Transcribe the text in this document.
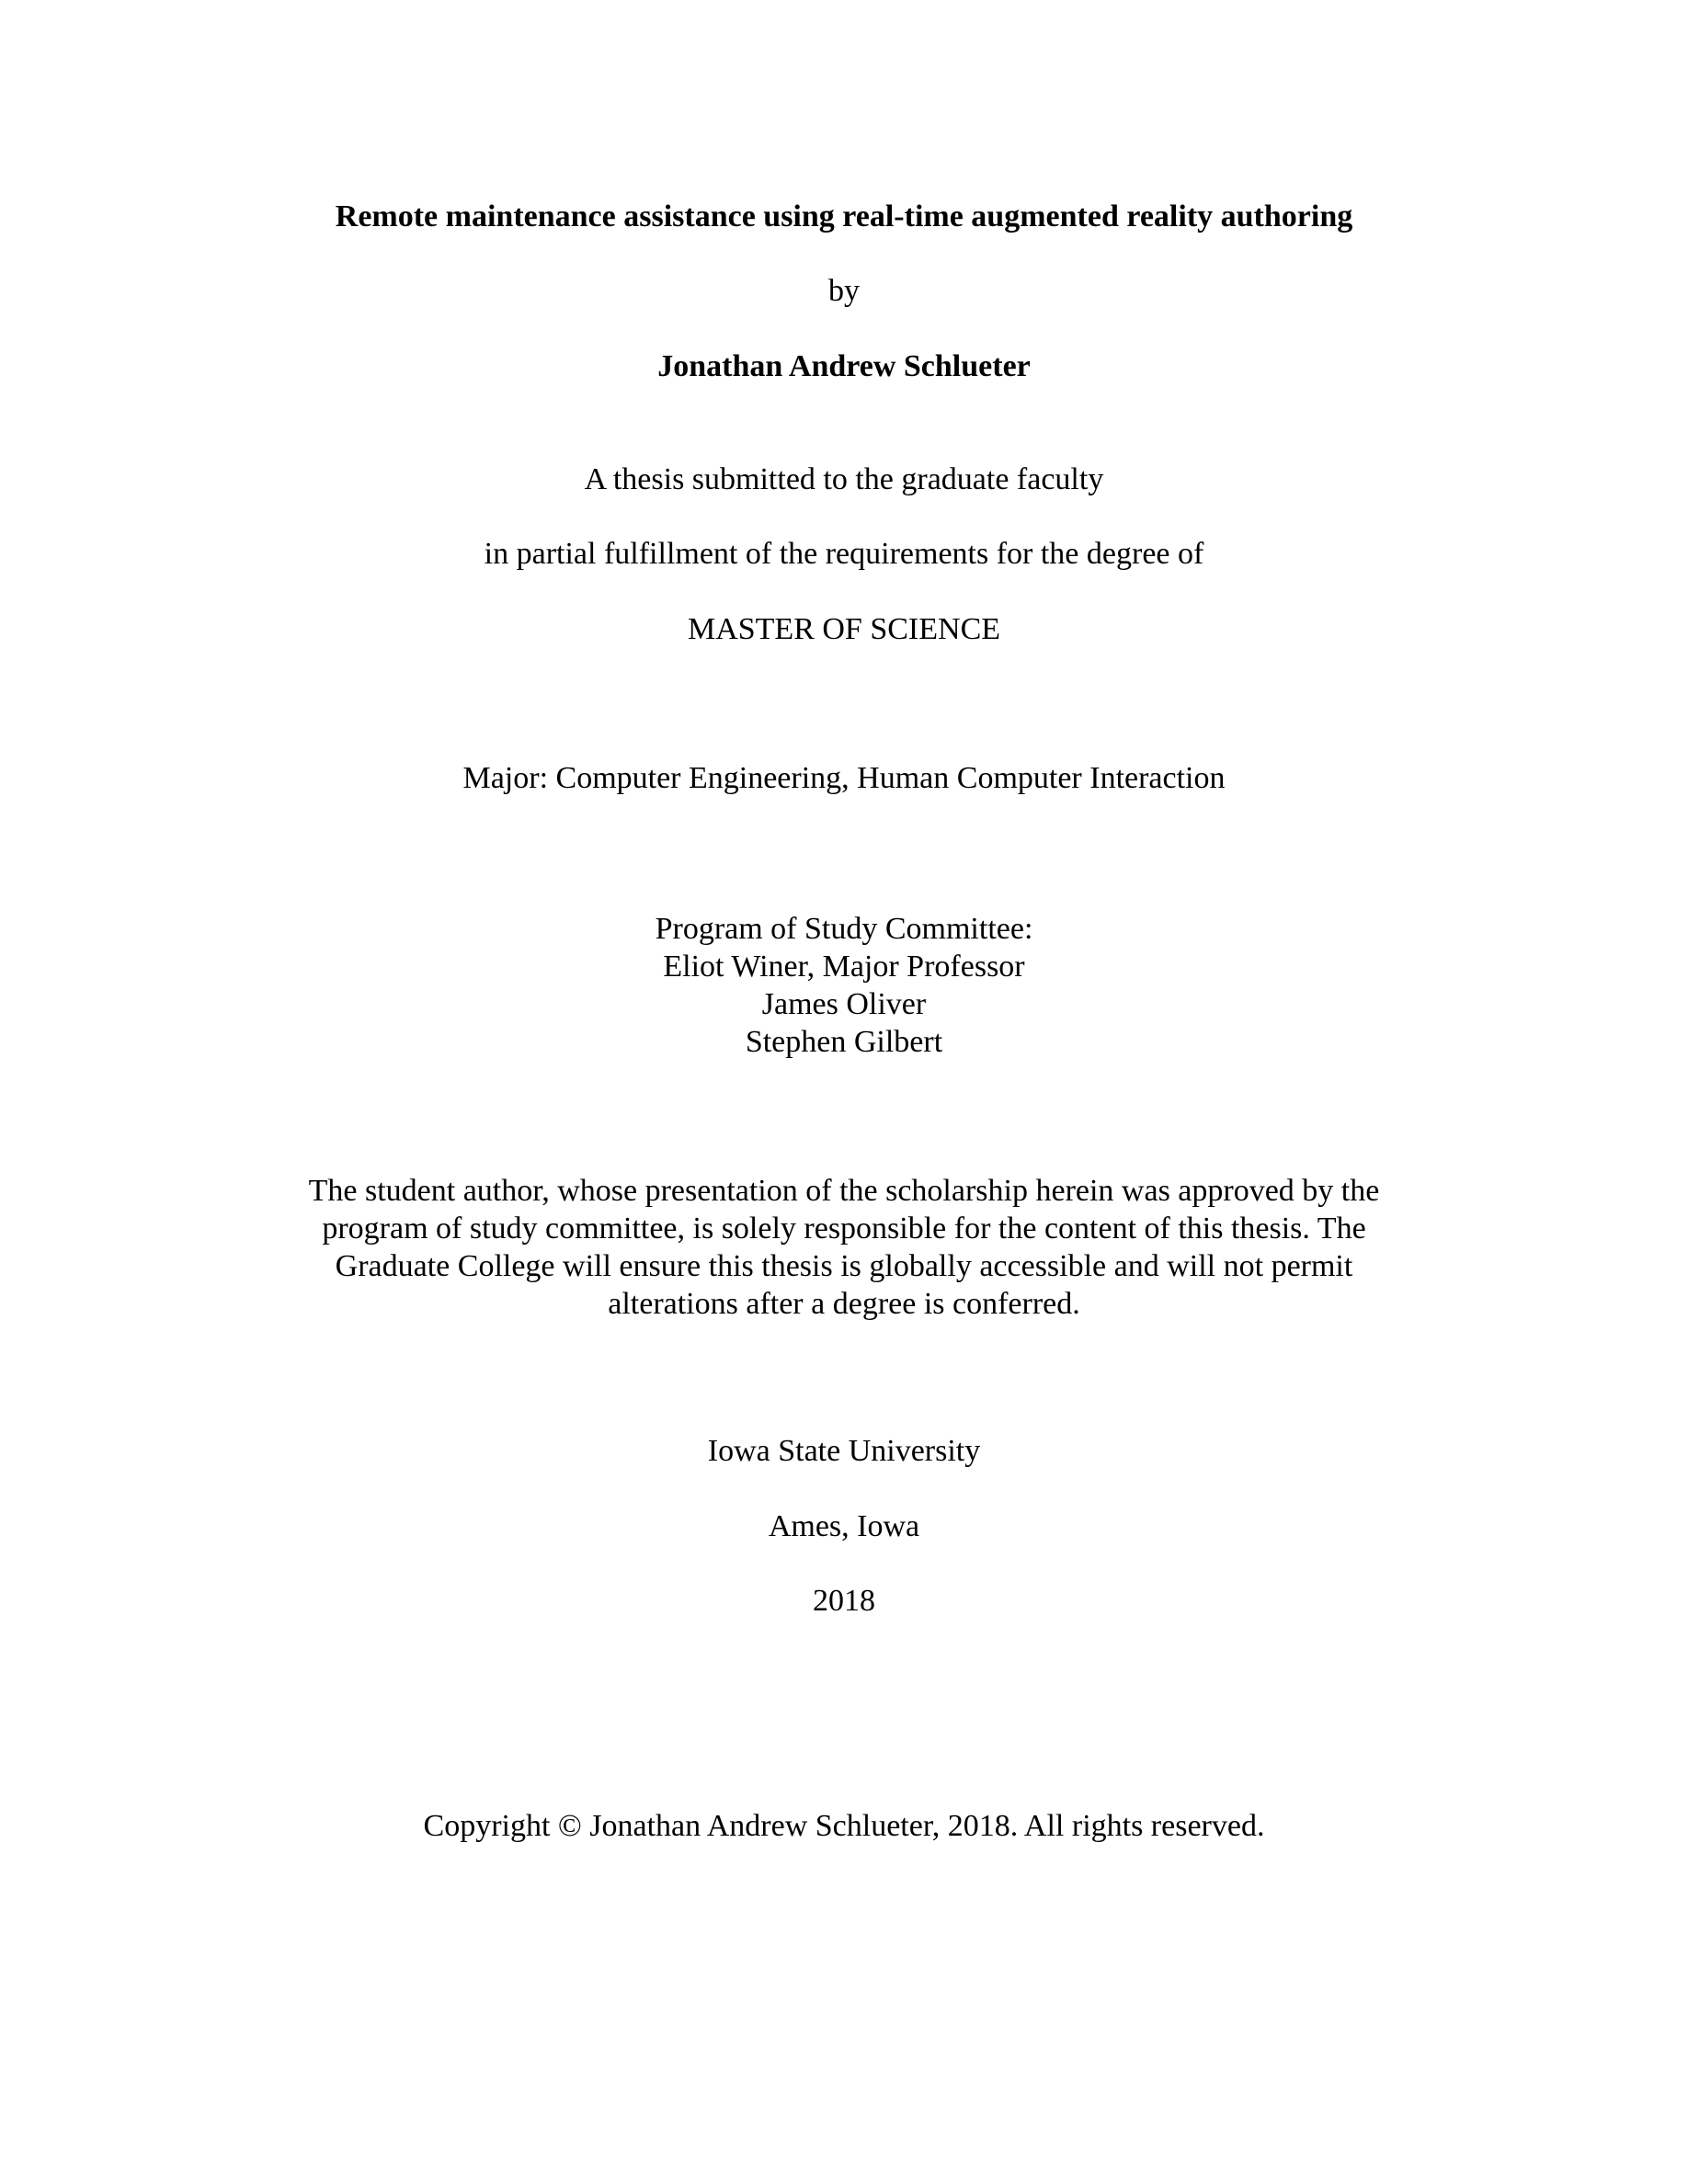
Remote maintenance assistance using real-time augmented reality authoring
by
Jonathan Andrew Schlueter
A thesis submitted to the graduate faculty
in partial fulfillment of the requirements for the degree of
MASTER OF SCIENCE
Major: Computer Engineering, Human Computer Interaction
Program of Study Committee:
Eliot Winer, Major Professor
James Oliver
Stephen Gilbert
The student author, whose presentation of the scholarship herein was approved by the
program of study committee, is solely responsible for the content of this thesis. The
Graduate College will ensure this thesis is globally accessible and will not permit
alterations after a degree is conferred.
Iowa State University
Ames, Iowa
2018
Copyright © Jonathan Andrew Schlueter, 2018. All rights reserved.
